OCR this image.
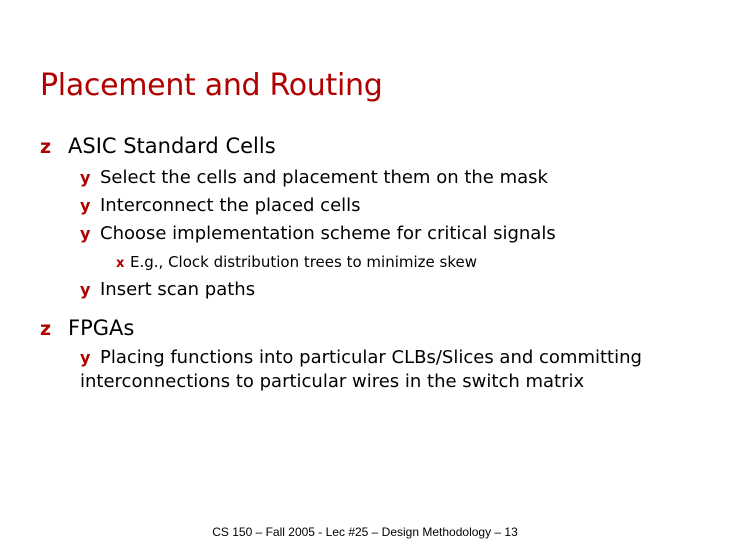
Placement and Routing
z ASIC Standard Cells
y Select the cells and placement them on the mask
y Interconnect the placed cells
y Choose implementation scheme for critical signals
x E.g., Clock distribution trees to minimize skew
y Insert scan paths
z FPGAs
y Placing functions into particular CLBs/Slices and committing interconnections to particular wires in the switch matrix
CS 150 – Fall 2005 - Lec #25 – Design Methodology – 13
